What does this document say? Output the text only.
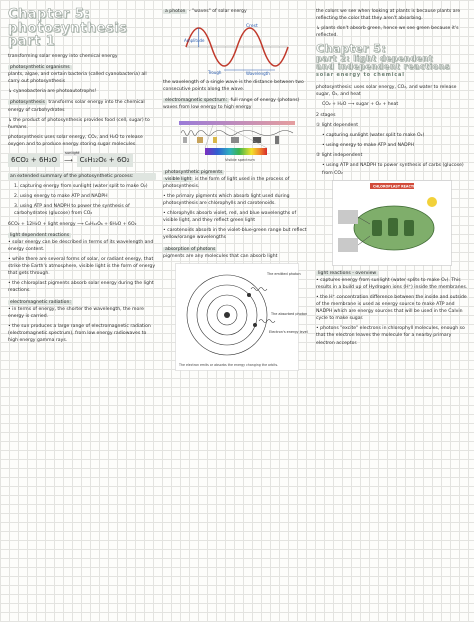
Chapter 5:
photosynthesis
part 1

transforming solar energy into chemical energy

photosynthetic organisms

plants, algae, and certain bacteria (called cyanobacteria) all carry out photosynthesis

↳ cyanobacteria are photoautotrophs!

photosynthesis transforms solar energy into the chemical energy of carbohydrates

↳ the product of photosynthesis provides food (cell, sugar) to humans.

photosynthesis uses solar energy, CO₂, and H₂O to release oxygen and to produce energy storing sugar molecules.

6CO₂ + 6H₂O
sunlight
⟶	C₆H₁₂O₆ + 6O₂

an extended summary of the photosynthetic process:

1. capturing energy from sunlight (water split to make O₂)

2. using energy to make ATP and NADPH

3. using ATP and NADPH to power the synthesis of carbohydrates (glucose) from CO₂

6CO₂ + 12H₂O + light energy ⟶ C₆H₁₂O₆ + 6H₂O + 6O₂

light dependent reactions

• solar energy can be described in terms of its wavelength and energy content.

• while there are several forms of solar, or radiant energy, that strike the Earth's atmosphere, visible light is the form of energy that gets through.

• the chloroplast pigments absorb solar energy during the light reactions.

electromagnetic radiation:

• in terms of energy, the shorter the wavelength, the more energy is carried.

• the sun produces a large range of electromagnetic radiation (electromagnetic spectrum), from low energy radiowaves to high energy gamma rays.

a photon - "waves" of solar energy

Crest
Amplitude
Trough	Wavelength

the wavelength of a single wave is the distance between two consecutive points along the wave.

electromagnetic spectrum: full range of energy (photons) waves from low energy to high energy

Visible spectrum
photosynthetic pigments

visible light is the form of light used in the process of photosynthesis.

• the primary pigments which absorb light used during photosynthesis are chlorophylls and carotenoids.

• chlorophylls absorb violet, red, and blue wavelengths of visible light, and they reflect green light

• carotenoids absorb in the violet-blue-green range but reflect yellow/orange wavelengths

absorption of photons

pigments are any molecules that can absorb light

The emitted photon
The absorbed photon
Electron's energy level
The electron emits or absorbs the energy changing the orbits.

the colors we see when looking at plants is because plants are reflecting the color that they aren't absorbing.

↳ plants don't absorb green, hence we see green because it's reflected.

Chapter 5:
part 2: light dependent
and independent reactions

solar energy to chemical

photosynthesis: uses solar energy, CO₂, and water to release sugar, O₂, and heat

CO₂ + H₂O ⟶ sugar + O₂ + heat

2 stages

① light dependent

• capturing sunlight (water split to make O₂)

• using energy to make ATP and NADPH

② light independent

• using ATP and NADPH to power synthesis of carbs (glucose) from CO₂

CHLOROPLAST REACTION
light reactions - overview

• captures energy from sunlight (water splits to make O₂). This results in a build up of Hydrogen ions (H⁺) inside the membranes.

• the H⁺ concentration difference between the inside and outside of the membrane is used as energy source to make ATP and NADPH which are energy sources that will be used in the Calvin cycle to make sugar.

• photons "excite" electrons in chlorophyll molecules, enough so that the electron leaves the molecule for a nearby primary electron acceptor.
